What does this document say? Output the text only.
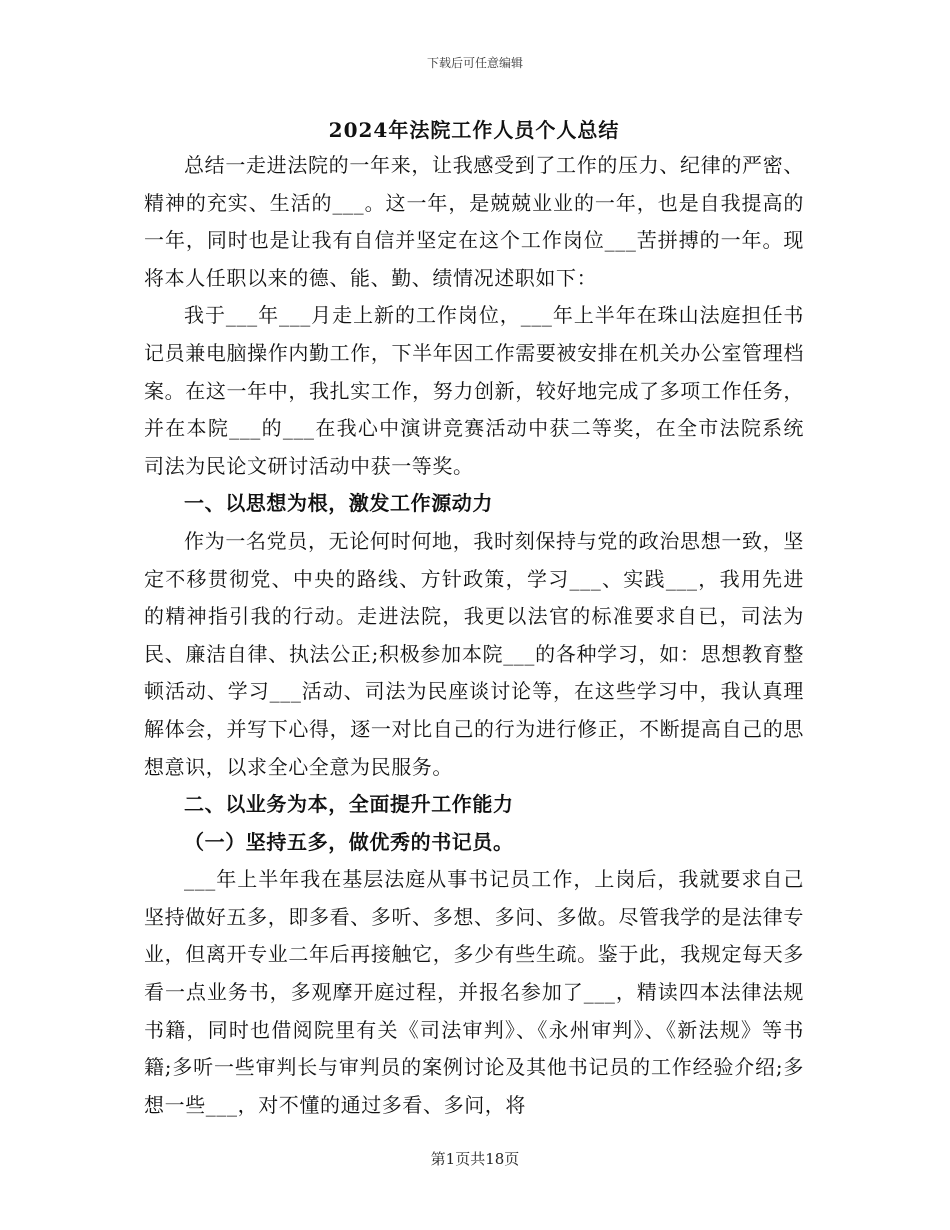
下载后可任意编辑
2024年法院工作人员个人总结

总结一走进法院的一年来，让我感受到了工作的压力、纪律的严密、精神的充实、生活的___。这一年，是兢兢业业的一年，也是自我提高的一年，同时也是让我有自信并坚定在这个工作岗位___苦拼搏的一年。现将本人任职以来的德、能、勤、绩情况述职如下：

我于___年___月走上新的工作岗位，___年上半年在珠山法庭担任书记员兼电脑操作内勤工作，下半年因工作需要被安排在机关办公室管理档案。在这一年中，我扎实工作，努力创新，较好地完成了多项工作任务，并在本院___的___在我心中演讲竞赛活动中获二等奖，在全市法院系统司法为民论文研讨活动中获一等奖。

一、以思想为根，激发工作源动力

作为一名党员，无论何时何地，我时刻保持与党的政治思想一致，坚定不移贯彻党、中央的路线、方针政策，学习___、实践___，我用先进的精神指引我的行动。走进法院，我更以法官的标准要求自已，司法为民、廉洁自律、执法公正;积极参加本院___的各种学习，如：思想教育整顿活动、学习___活动、司法为民座谈讨论等，在这些学习中，我认真理解体会，并写下心得，逐一对比自己的行为进行修正，不断提高自己的思想意识，以求全心全意为民服务。

二、以业务为本，全面提升工作能力

（一）坚持五多，做优秀的书记员。

___年上半年我在基层法庭从事书记员工作，上岗后，我就要求自己坚持做好五多，即多看、多听、多想、多问、多做。尽管我学的是法律专业，但离开专业二年后再接触它，多少有些生疏。鉴于此，我规定每天多看一点业务书，多观摩开庭过程，并报名参加了___，精读四本法律法规书籍，同时也借阅院里有关《司法审判》、《永州审判》、《新法规》等书籍;多听一些审判长与审判员的案例讨论及其他书记员的工作经验介绍;多想一些___，对不懂的通过多看、多问，将

第1页共18页
